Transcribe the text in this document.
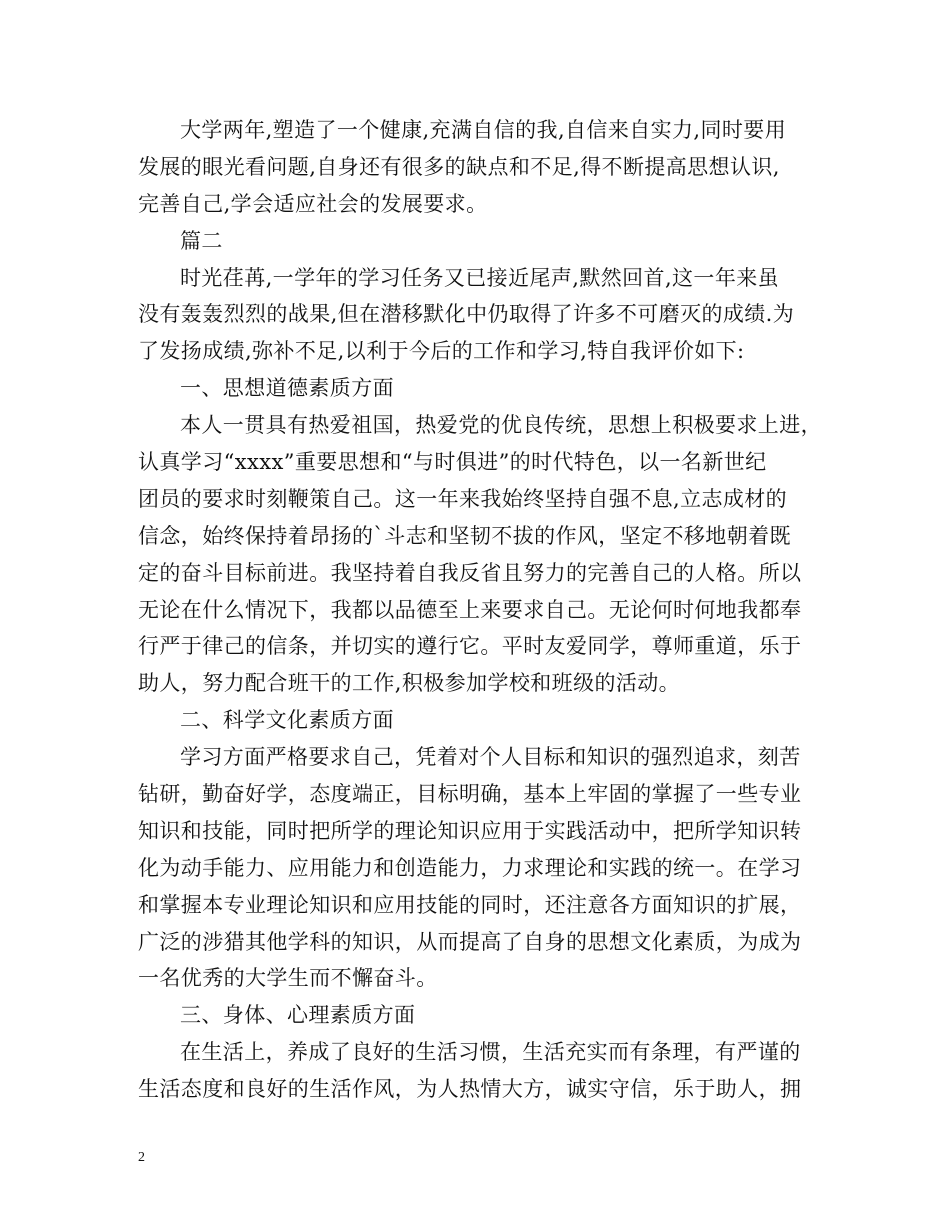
大学两年,塑造了一个健康,充满自信的我,自信来自实力,同时要用
发展的眼光看问题,自身还有很多的缺点和不足,得不断提高思想认识,
完善自己,学会适应社会的发展要求。
篇二
时光荏苒,一学年的学习任务又已接近尾声,默然回首,这一年来虽
没有轰轰烈烈的战果,但在潜移默化中仍取得了许多不可磨灭的成绩.为
了发扬成绩,弥补不足,以利于今后的工作和学习,特自我评价如下:
一、思想道德素质方面
本人一贯具有热爱祖国，热爱党的优良传统，思想上积极要求上进，
认真学习“xxxx”重要思想和“与时俱进”的时代特色，以一名新世纪
团员的要求时刻鞭策自己。这一年来我始终坚持自强不息,立志成材的
信念，始终保持着昂扬的`斗志和坚韧不拔的作风，坚定不移地朝着既
定的奋斗目标前进。我坚持着自我反省且努力的完善自己的人格。所以
无论在什么情况下，我都以品德至上来要求自己。无论何时何地我都奉
行严于律己的信条，并切实的遵行它。平时友爱同学，尊师重道，乐于
助人，努力配合班干的工作,积极参加学校和班级的活动。
二、科学文化素质方面
学习方面严格要求自己，凭着对个人目标和知识的强烈追求，刻苦
钻研，勤奋好学，态度端正，目标明确，基本上牢固的掌握了一些专业
知识和技能，同时把所学的理论知识应用于实践活动中，把所学知识转
化为动手能力、应用能力和创造能力，力求理论和实践的统一。在学习
和掌握本专业理论知识和应用技能的同时，还注意各方面知识的扩展，
广泛的涉猎其他学科的知识，从而提高了自身的思想文化素质，为成为
一名优秀的大学生而不懈奋斗。
三、身体、心理素质方面
在生活上，养成了良好的生活习惯，生活充实而有条理，有严谨的
生活态度和良好的生活作风，为人热情大方，诚实守信，乐于助人，拥
2
